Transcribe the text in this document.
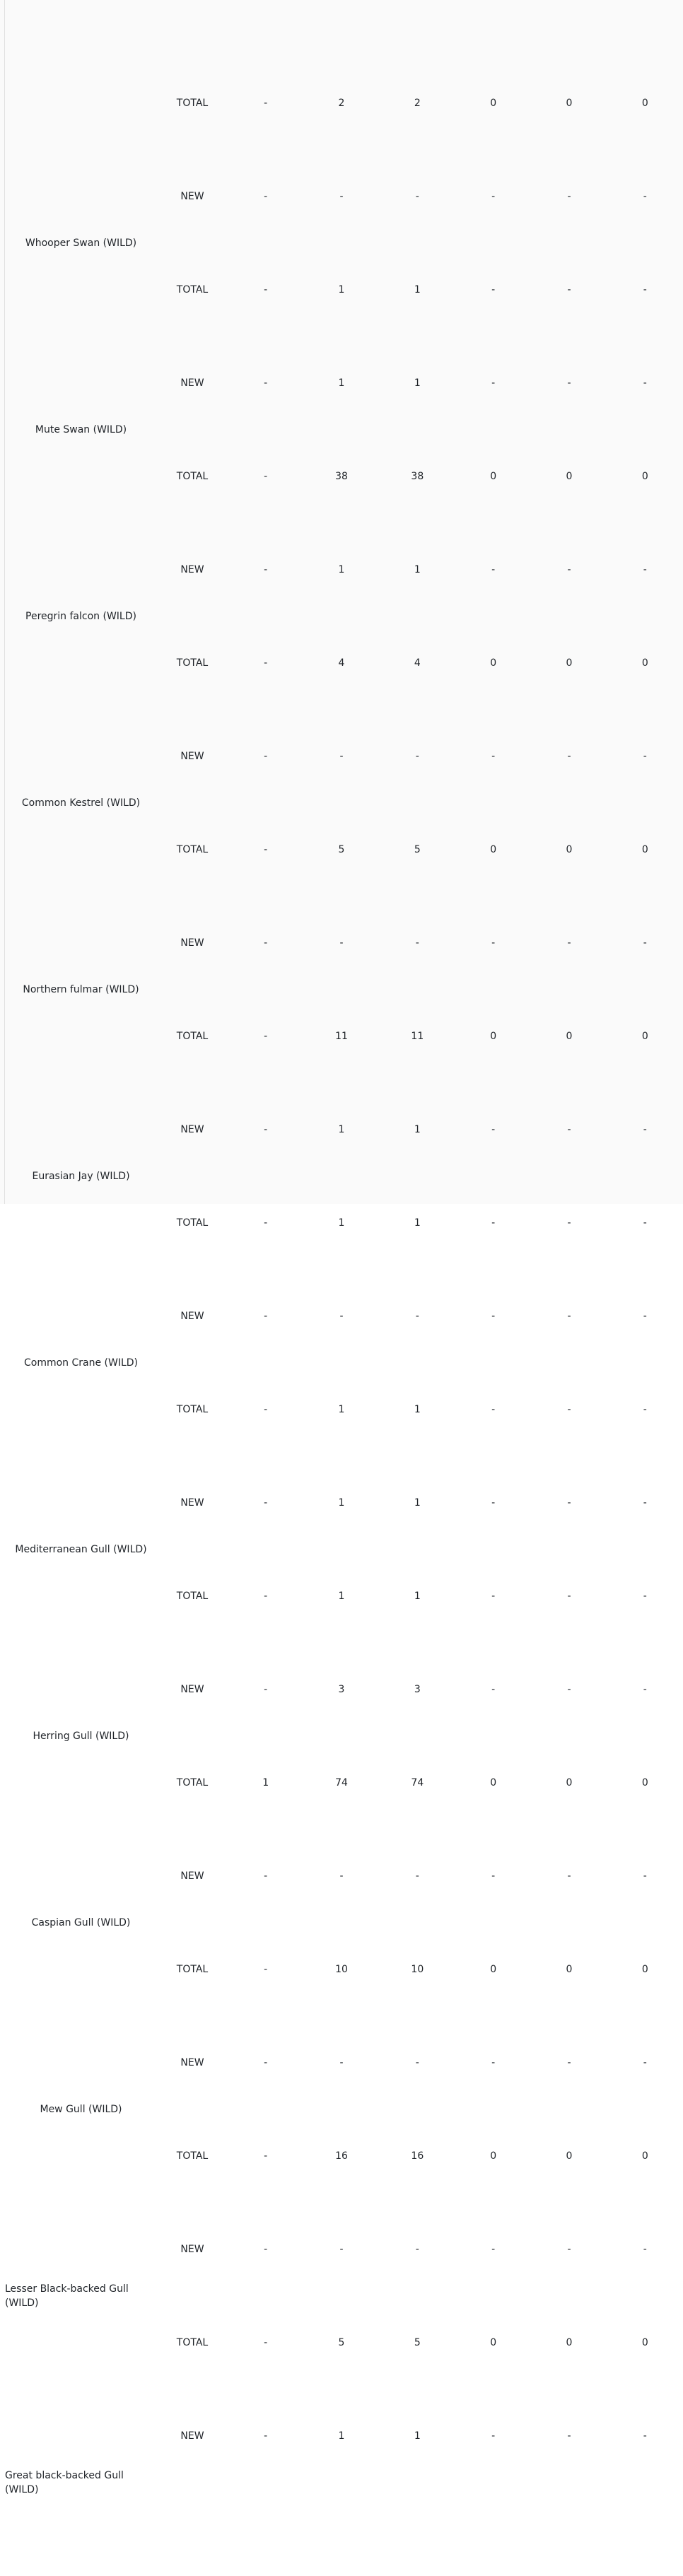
	TOTAL	-	2	2	0	0	0
Whooper Swan (WILD)	NEW	-	-	-	-	-	-
	TOTAL	-	1	1	-	-	-
Mute Swan (WILD)	NEW	-	1	1	-	-	-
	TOTAL	-	38	38	0	0	0
Peregrin falcon (WILD)	NEW	-	1	1	-	-	-
	TOTAL	-	4	4	0	0	0
Common Kestrel (WILD)	NEW	-	-	-	-	-	-
	TOTAL	-	5	5	0	0	0
Northern fulmar (WILD)	NEW	-	-	-	-	-	-
	TOTAL	-	11	11	0	0	0
Eurasian Jay (WILD)	NEW	-	1	1	-	-	-
	TOTAL	-	1	1	-	-	-
Common Crane (WILD)	NEW	-	-	-	-	-	-
	TOTAL	-	1	1	-	-	-
Mediterranean Gull (WILD)	NEW	-	1	1	-	-	-
	TOTAL	-	1	1	-	-	-
Herring Gull (WILD)	NEW	-	3	3	-	-	-
	TOTAL	1	74	74	0	0	0
Caspian Gull (WILD)	NEW	-	-	-	-	-	-
	TOTAL	-	10	10	0	0	0
Mew Gull (WILD)	NEW	-	-	-	-	-	-
	TOTAL	-	16	16	0	0	0
Lesser Black-backed Gull (WILD)	NEW	-	-	-	-	-	-
	TOTAL	-	5	5	0	0	0
Great black-backed Gull (WILD)	NEW	-	1	1	-	-	-
